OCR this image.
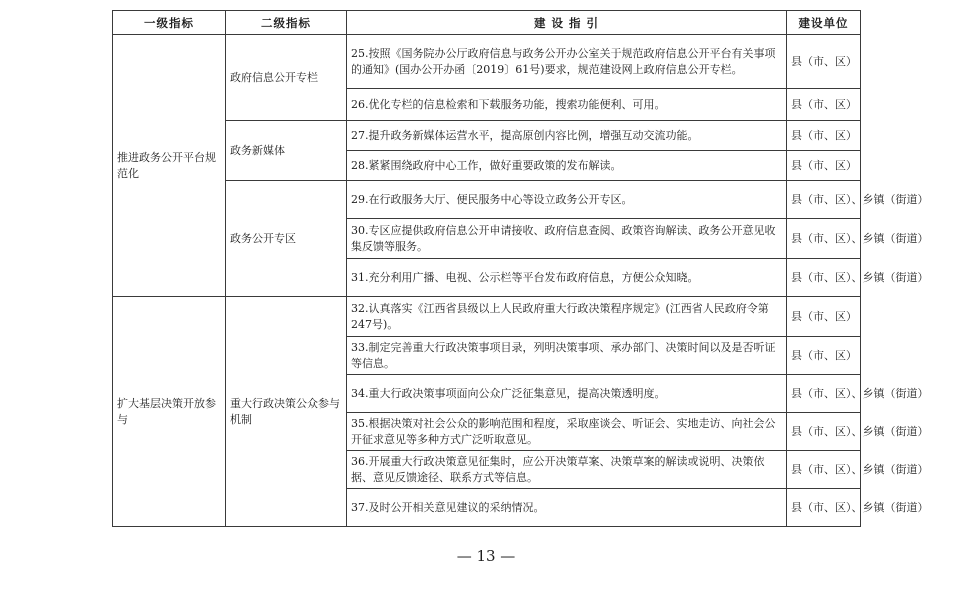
一级指标	二级指标	建 设 指 引	建设单位
推进政务公开平台规范化	政府信息公开专栏	25.按照《国务院办公厅政府信息与政务公开办公室关于规范政府信息公开平台有关事项的通知》(国办公开办函〔2019〕61号)要求，规范建设网上政府信息公开专栏。	县（市、区）
		26.优化专栏的信息检索和下载服务功能，搜索功能便利、可用。	县（市、区）
	政务新媒体	27.提升政务新媒体运营水平，提高原创内容比例，增强互动交流功能。	县（市、区）
		28.紧紧围绕政府中心工作，做好重要政策的发布解读。	县（市、区）
	政务公开专区	29.在行政服务大厅、便民服务中心等设立政务公开专区。	县（市、区）、乡镇（街道）
		30.专区应提供政府信息公开申请接收、政府信息查阅、政策咨询解读、政务公开意见收集反馈等服务。	县（市、区）、乡镇（街道）
		31.充分利用广播、电视、公示栏等平台发布政府信息，方便公众知晓。	县（市、区）、乡镇（街道）
扩大基层决策开放参与	重大行政决策公众参与机制	32.认真落实《江西省县级以上人民政府重大行政决策程序规定》(江西省人民政府令第247号)。	县（市、区）
		33.制定完善重大行政决策事项目录，列明决策事项、承办部门、决策时间以及是否听证等信息。	县（市、区）
		34.重大行政决策事项面向公众广泛征集意见，提高决策透明度。	县（市、区）、乡镇（街道）
		35.根据决策对社会公众的影响范围和程度，采取座谈会、听证会、实地走访、向社会公开征求意见等多种方式广泛听取意见。	县（市、区）、乡镇（街道）
		36.开展重大行政决策意见征集时，应公开决策草案、决策草案的解读或说明、决策依据、意见反馈途径、联系方式等信息。	县（市、区）、乡镇（街道）
		37.及时公开相关意见建议的采纳情况。	县（市、区）、乡镇（街道）
— 13 —
